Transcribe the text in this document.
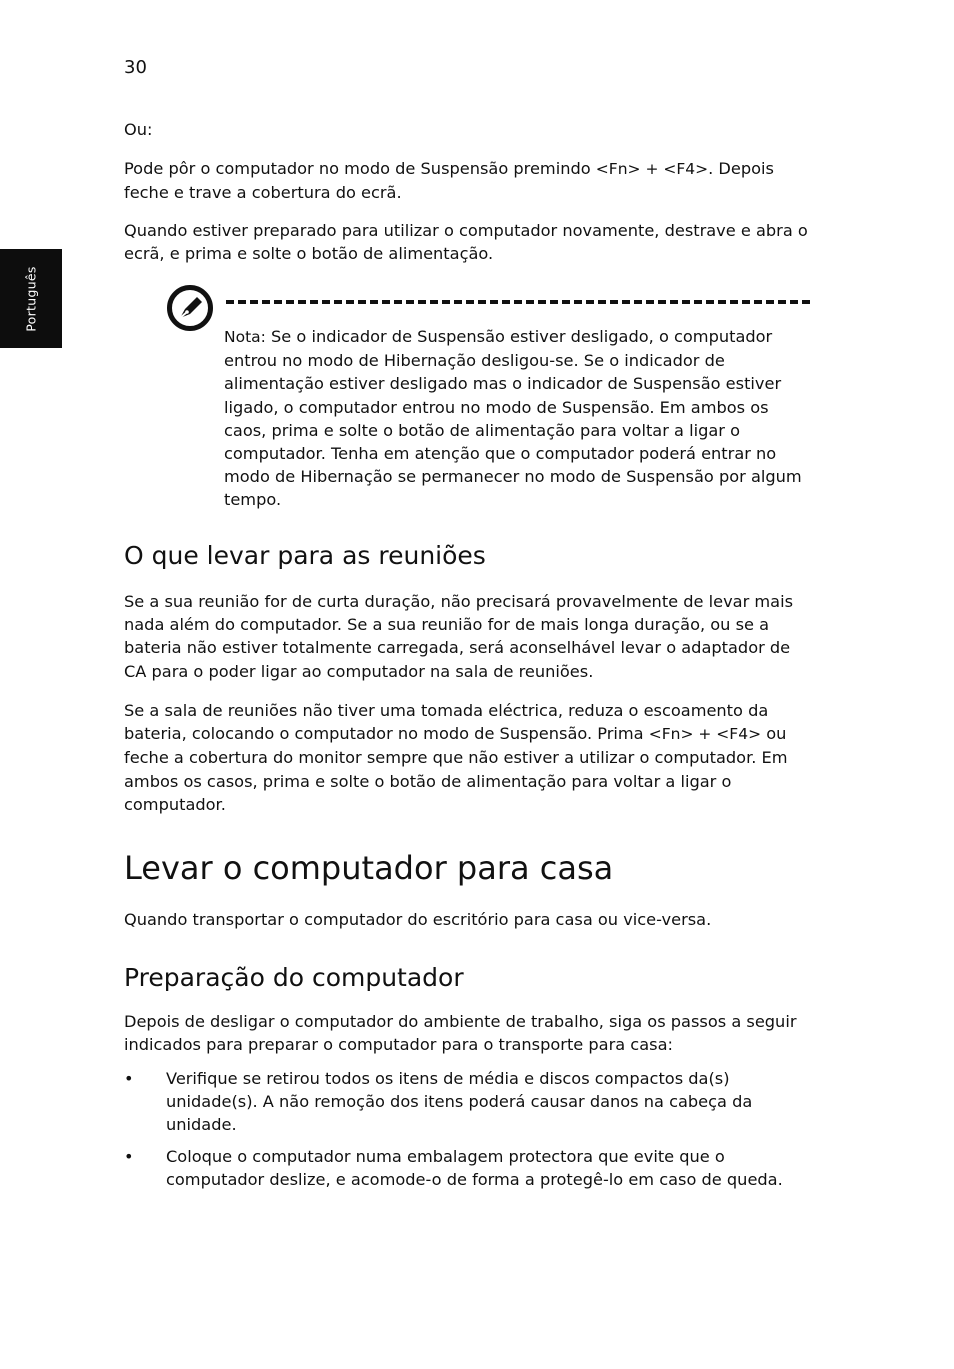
30
Português

Ou:

Pode pôr o computador no modo de Suspensão premindo <Fn> + <F4>. Depois feche e trave a cobertura do ecrã.

Quando estiver preparado para utilizar o computador novamente, destrave e abra o ecrã, e prima e solte o botão de alimentação.

Nota: Se o indicador de Suspensão estiver desligado, o computador entrou no modo de Hibernação desligou-se. Se o indicador de alimentação estiver desligado mas o indicador de Suspensão estiver ligado, o computador entrou no modo de Suspensão. Em ambos os caos, prima e solte o botão de alimentação para voltar a ligar o computador. Tenha em atenção que o computador poderá entrar no modo de Hibernação se permanecer no modo de Suspensão por algum tempo.

O que levar para as reuniões

Se a sua reunião for de curta duração, não precisará provavelmente de levar mais nada além do computador. Se a sua reunião for de mais longa duração, ou se a bateria não estiver totalmente carregada, será aconselhável levar o adaptador de CA para o poder ligar ao computador na sala de reuniões.

Se a sala de reuniões não tiver uma tomada eléctrica, reduza o escoamento da bateria, colocando o computador no modo de Suspensão. Prima <Fn> + <F4> ou feche a cobertura do monitor sempre que não estiver a utilizar o computador. Em ambos os casos, prima e solte o botão de alimentação para voltar a ligar o computador.

Levar o computador para casa

Quando transportar o computador do escritório para casa ou vice-versa.

Preparação do computador

Depois de desligar o computador do ambiente de trabalho, siga os passos a seguir indicados para preparar o computador para o transporte para casa:

• Verifique se retirou todos os itens de média e discos compactos da(s) unidade(s). A não remoção dos itens poderá causar danos na cabeça da unidade.

• Coloque o computador numa embalagem protectora que evite que o computador deslize, e acomode-o de forma a protegê-lo em caso de queda.
